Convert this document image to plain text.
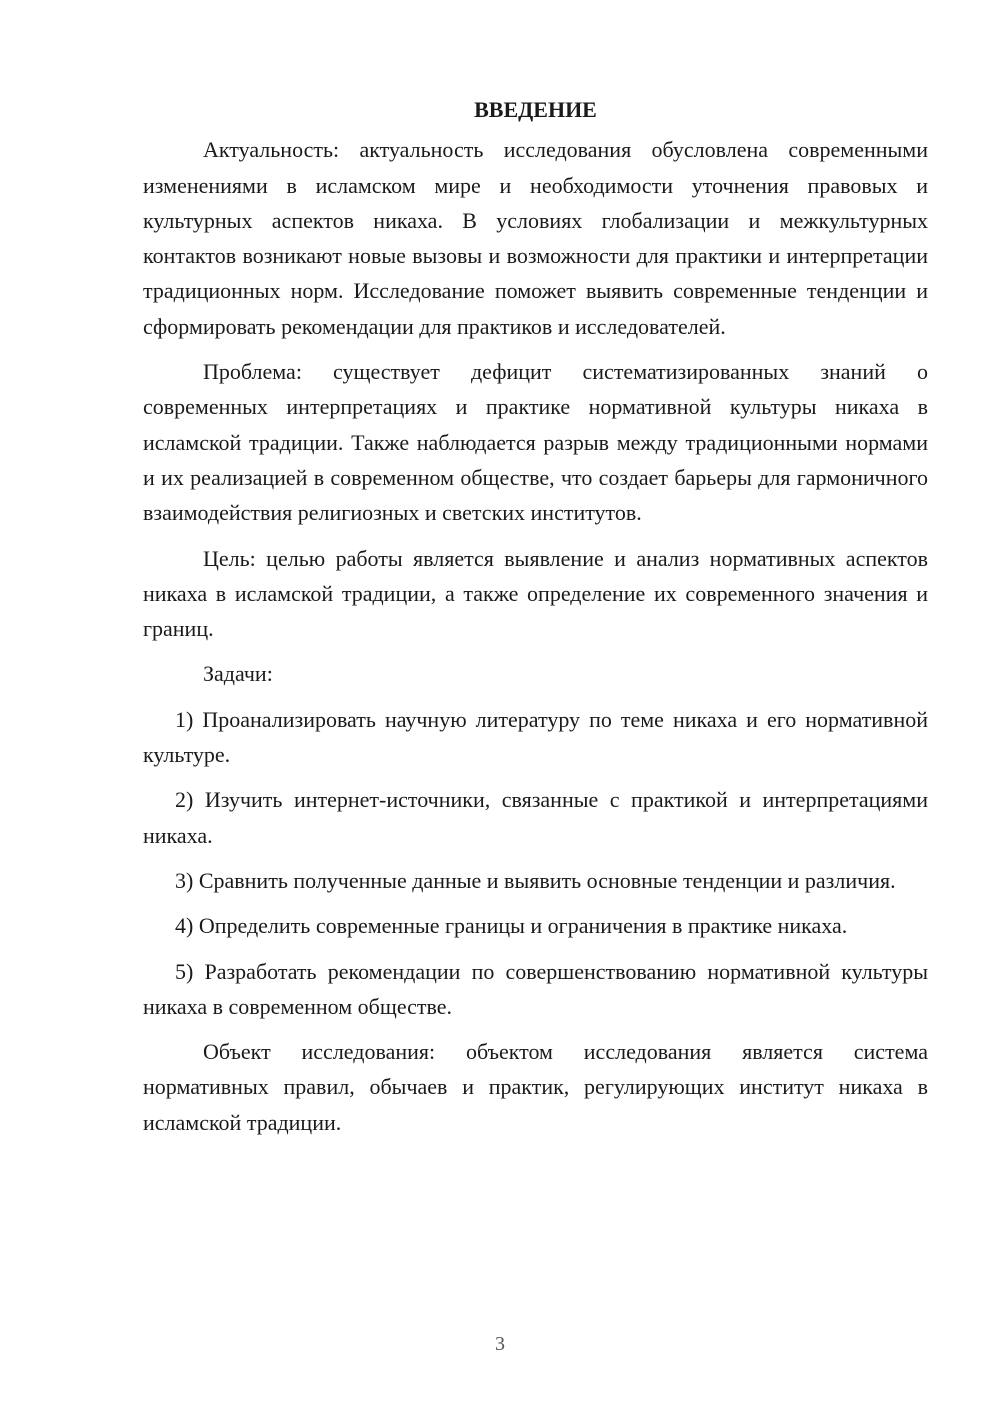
ВВЕДЕНИЕ

Актуальность: актуальность исследования обусловлена современными изменениями в исламском мире и необходимости уточнения правовых и культурных аспектов никаха. В условиях глобализации и межкультурных контактов возникают новые вызовы и возможности для практики и интерпретации традиционных норм. Исследование поможет выявить современные тенденции и сформировать рекомендации для практиков и исследователей.

Проблема: существует дефицит систематизированных знаний о современных интерпретациях и практике нормативной культуры никаха в исламской традиции. Также наблюдается разрыв между традиционными нормами и их реализацией в современном обществе, что создает барьеры для гармоничного взаимодействия религиозных и светских институтов.

Цель: целью работы является выявление и анализ нормативных аспектов никаха в исламской традиции, а также определение их современного значения и границ.

Задачи:

1) Проанализировать научную литературу по теме никаха и его нормативной культуре.

2) Изучить интернет-источники, связанные с практикой и интерпретациями никаха.

3) Сравнить полученные данные и выявить основные тенденции и различия.

4) Определить современные границы и ограничения в практике никаха.

5) Разработать рекомендации по совершенствованию нормативной культуры никаха в современном обществе.

Объект исследования: объектом исследования является система нормативных правил, обычаев и практик, регулирующих институт никаха в исламской традиции.

3
